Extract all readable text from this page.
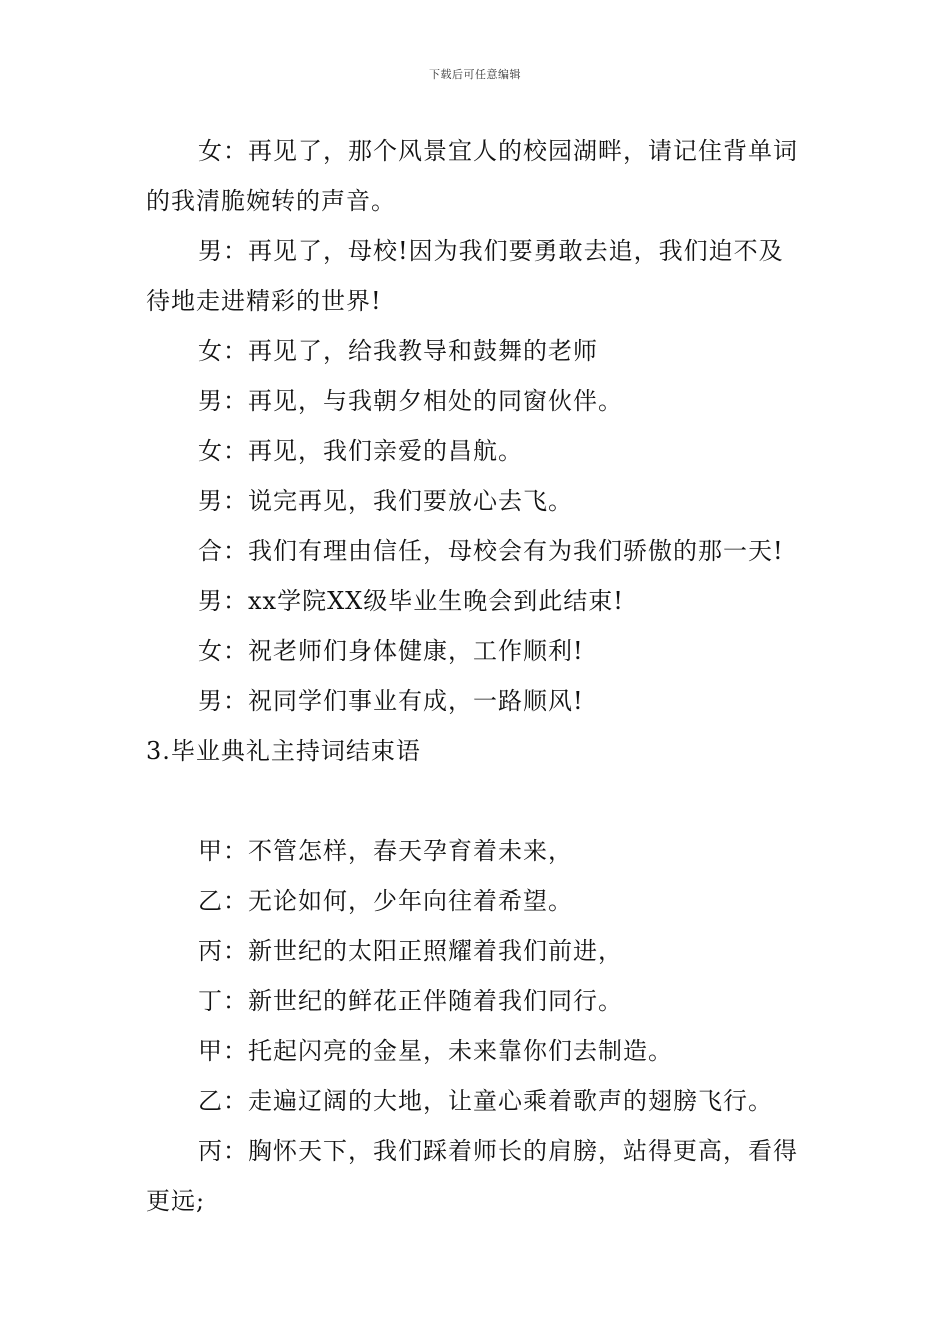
下载后可任意编辑

女：再见了，那个风景宜人的校园湖畔，请记住背单词的我清脆婉转的声音。

男：再见了，母校!因为我们要勇敢去追，我们迫不及待地走进精彩的世界!

女：再见了，给我教导和鼓舞的老师

男：再见，与我朝夕相处的同窗伙伴。

女：再见，我们亲爱的昌航。

男：说完再见，我们要放心去飞。

合：我们有理由信任，母校会有为我们骄傲的那一天!

男：xx学院XX级毕业生晚会到此结束!

女：祝老师们身体健康，工作顺利!

男：祝同学们事业有成，一路顺风!

3.毕业典礼主持词结束语

甲：不管怎样，春天孕育着未来，

乙：无论如何，少年向往着希望。

丙：新世纪的太阳正照耀着我们前进，

丁：新世纪的鲜花正伴随着我们同行。

甲：托起闪亮的金星，未来靠你们去制造。

乙：走遍辽阔的大地，让童心乘着歌声的翅膀飞行。

丙：胸怀天下，我们踩着师长的肩膀，站得更高，看得更远;
